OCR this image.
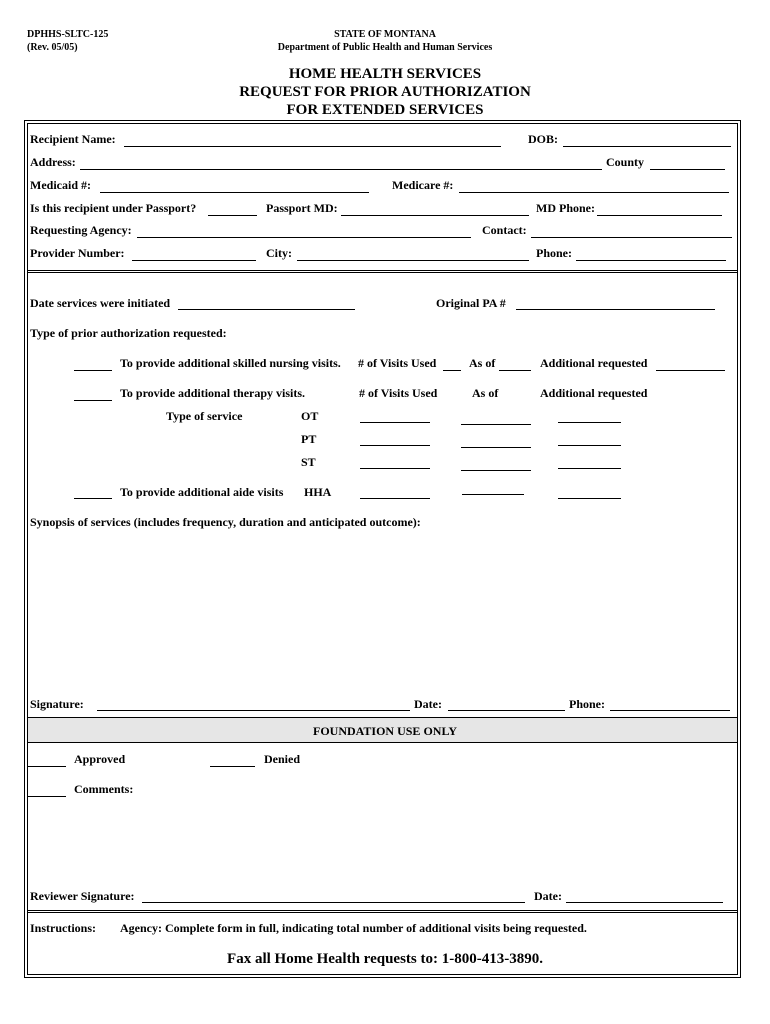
DPHHS-SLTC-125
(Rev. 05/05)
STATE OF MONTANA
Department of Public Health and Human Services
HOME HEALTH SERVICES
REQUEST FOR PRIOR AUTHORIZATION
FOR EXTENDED SERVICES
Recipient Name:	DOB:
Address:	County
Medicaid #:	Medicare #:
Is this recipient under Passport?	Passport MD:	MD Phone:
Requesting Agency:	Contact:
Provider Number:	City:	Phone:
Date services were initiated	Original PA #
Type of prior authorization requested:
To provide additional skilled nursing visits. # of Visits Used	As of	Additional requested
To provide additional therapy visits.	# of Visits Used	As of	Additional requested
Type of service	OT
PT
ST
To provide additional aide visits HHA
Synopsis of services (includes frequency, duration and anticipated outcome):
Signature:	Date:	Phone:
FOUNDATION USE ONLY
Approved	Denied
Comments:
Reviewer Signature:	Date:
Instructions: Agency: Complete form in full, indicating total number of additional visits being requested.
Fax all Home Health requests to: 1-800-413-3890.
